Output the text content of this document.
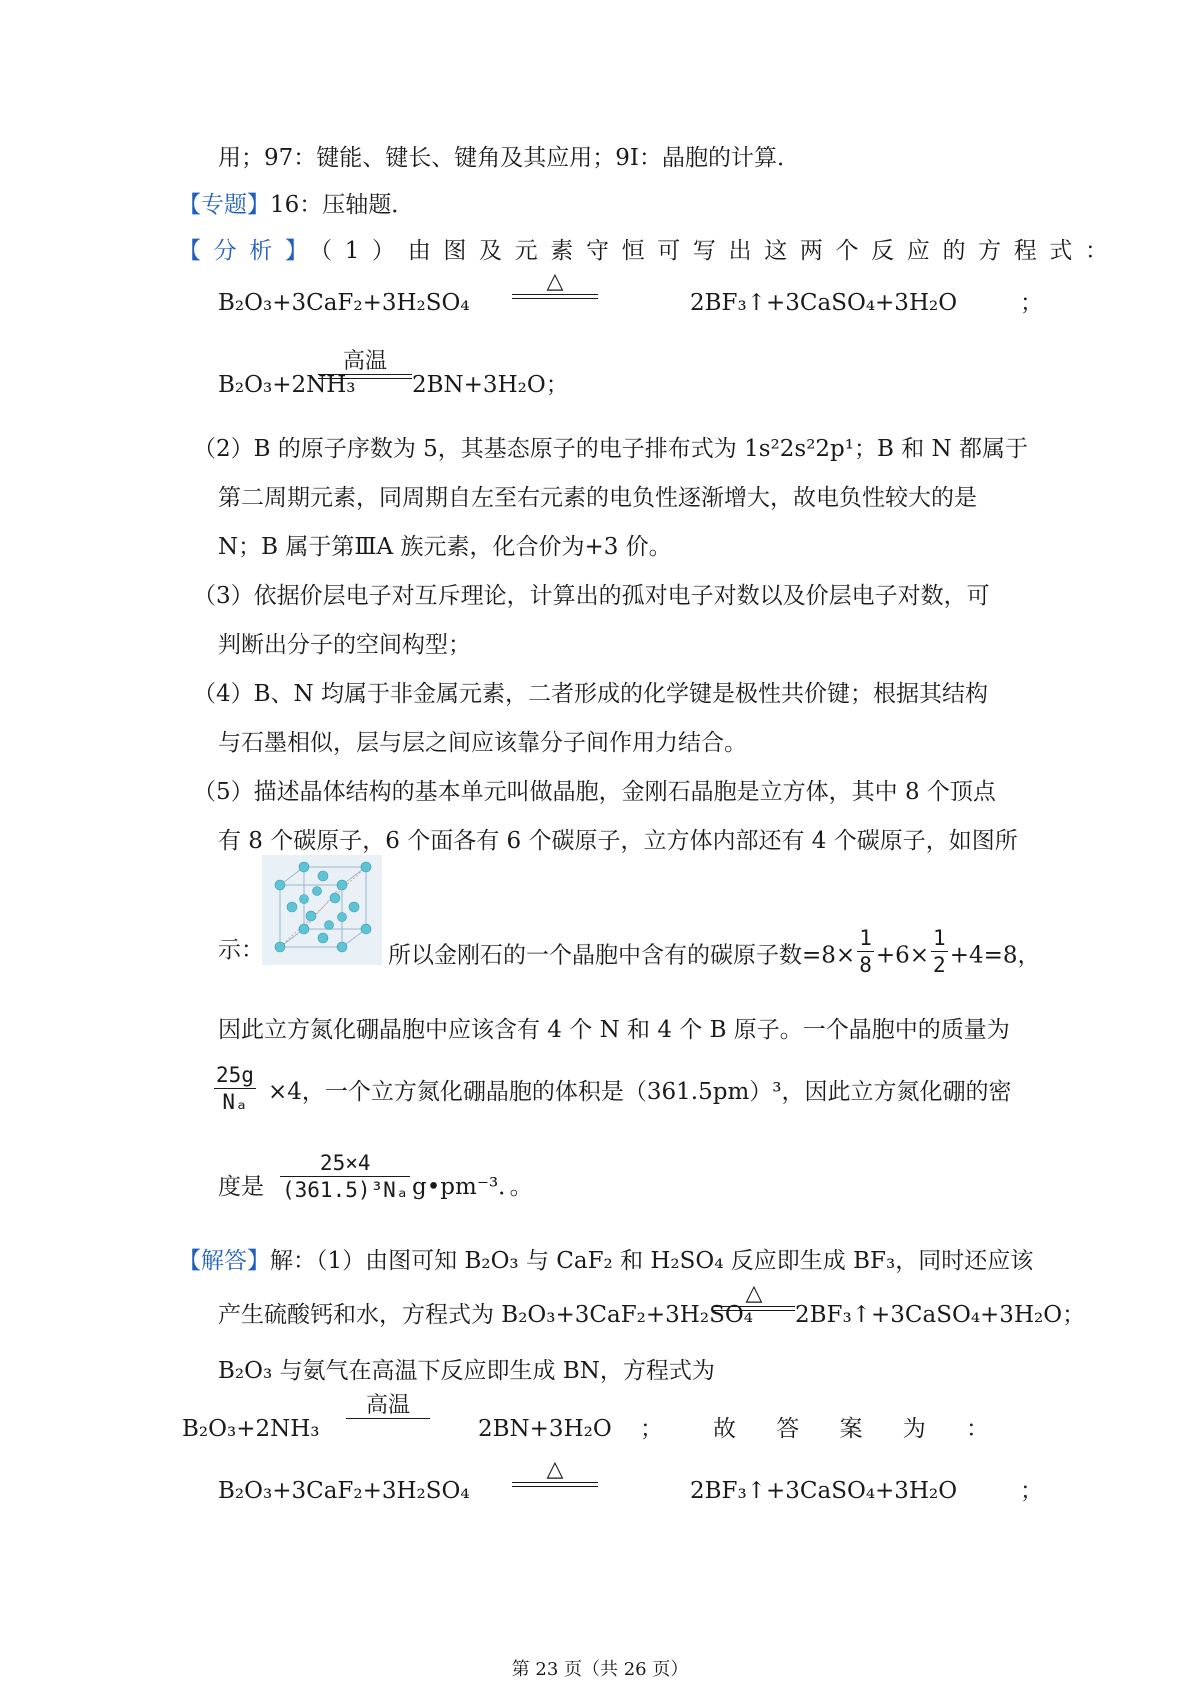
用；97：键能、键长、键角及其应用；9I：晶胞的计算．
【专题】16：压轴题．
【分析】（1）由图及元素守恒可写出这两个反应的方程式：
B₂O₃+3CaF₂+3H₂SO₄
△
2BF₃↑+3CaSO₄+3H₂O	；
B₂O₃+2NH₃
高温
2BN+3H₂O；
（2）B 的原子序数为 5，其基态原子的电子排布式为 1s²2s²2p¹；B 和 N 都属于
第二周期元素，同周期自左至右元素的电负性逐渐增大，故电负性较大的是
N；B 属于第ⅢA 族元素，化合价为+3 价。
（3）依据价层电子对互斥理论，计算出的孤对电子对数以及价层电子对数，可
判断出分子的空间构型；
（4）B、N 均属于非金属元素，二者形成的化学键是极性共价键；根据其结构
与石墨相似，层与层之间应该靠分子间作用力结合。
（5）描述晶体结构的基本单元叫做晶胞，金刚石晶胞是立方体，其中 8 个顶点
有 8 个碳原子，6 个面各有 6 个碳原子，立方体内部还有 4 个碳原子，如图所
示：	所以金刚石的一个晶胞中含有的碳原子数$=8\times \frac{1}{8} +6\times \frac{1}{2} +4=8$，
因此立方氮化硼晶胞中应该含有 4 个 N 和 4 个 B 原子。一个晶胞中的质量为
$\frac{25g}{\text{Nₐ}} \times 4$，一个立方氮化硼晶胞的体积是（361.5pm）³，因此立方氮化硼的密
度是 $\frac{25\times 4}{\text{(361.5)³Nₐ}}$ g•pm⁻³．。
【解答】解：（1）由图可知 B₂O₃ 与 CaF₂ 和 H₂SO₄ 反应即生成 BF₃，同时还应该
产生硫酸钙和水，方程式为 B₂O₃+3CaF₂+3H₂SO₄
△
2BF₃↑+3CaSO₄+3H₂O；
B₂O₃ 与氨气在高温下反应即生成 BN，方程式为
B₂O₃+2NH₃
高温
2BN+3H₂O ； 故答案为：
B₂O₃+3CaF₂+3H₂SO₄
△
2BF₃↑+3CaSO₄+3H₂O	；
第 23 页（共 26 页）
